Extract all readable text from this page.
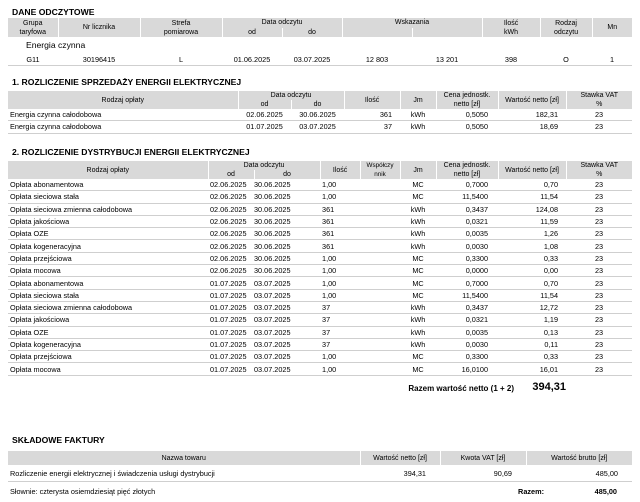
DANE ODCZYTOWE
Grupa taryfowa	Nr licznika	Strefa pomiarowa	Data odczytu		Wskazania		Ilość kWh	Rodzaj odczytu	Mn
			od	do					
Energia czynna
G11	30196415	L	01.06.2025	03.07.2025	12 803	13 201	398	O	1
1. ROZLICZENIE SPRZEDAŻY ENERGII ELEKTRYCZNEJ
Rodzaj opłaty	Data odczytu		Ilość	Jm	Cena jednostk. netto [zł]	Wartość netto [zł]	Stawka VAT %
	od	do					
Energia czynna całodobowa	02.06.2025	30.06.2025	361	kWh	0,5050	182,31	23
Energia czynna całodobowa	01.07.2025	03.07.2025	37	kWh	0,5050	18,69	23
2. ROZLICZENIE DYSTRYBUCJI ENERGII ELEKTRYCZNEJ
Rodzaj opłaty	Data odczytu		Ilość	Współczy nnik	Jm	Cena jednostk. netto [zł]	Wartość netto [zł]	Stawka VAT %
	od	do						
Opłata abonamentowa	02.06.2025	30.06.2025	1,00		MC	0,7000	0,70	23
Opłata sieciowa stała	02.06.2025	30.06.2025	1,00		MC	11,5400	11,54	23
Opłata sieciowa zmienna całodobowa	02.06.2025	30.06.2025	361		kWh	0,3437	124,08	23
Opłata jakościowa	02.06.2025	30.06.2025	361		kWh	0,0321	11,59	23
Opłata OZE	02.06.2025	30.06.2025	361		kWh	0,0035	1,26	23
Opłata kogeneracyjna	02.06.2025	30.06.2025	361		kWh	0,0030	1,08	23
Opłata przejściowa	02.06.2025	30.06.2025	1,00		MC	0,3300	0,33	23
Opłata mocowa	02.06.2025	30.06.2025	1,00		MC	0,0000	0,00	23
Opłata abonamentowa	01.07.2025	03.07.2025	1,00		MC	0,7000	0,70	23
Opłata sieciowa stała	01.07.2025	03.07.2025	1,00		MC	11,5400	11,54	23
Opłata sieciowa zmienna całodobowa	01.07.2025	03.07.2025	37		kWh	0,3437	12,72	23
Opłata jakościowa	01.07.2025	03.07.2025	37		kWh	0,0321	1,19	23
Opłata OZE	01.07.2025	03.07.2025	37		kWh	0,0035	0,13	23
Opłata kogeneracyjna	01.07.2025	03.07.2025	37		kWh	0,0030	0,11	23
Opłata przejściowa	01.07.2025	03.07.2025	1,00		MC	0,3300	0,33	23
Opłata mocowa	01.07.2025	03.07.2025	1,00		MC	16,0100	16,01	23
Razem wartość netto (1 + 2) 394,31
SKŁADOWE FAKTURY
Nazwa towaru	Wartość netto [zł]	Kwota VAT [zł]	Wartość brutto [zł]
Rozliczenie energii elektrycznej i świadczenia usługi dystrybucji	394,31	90,69	485,00
Słownie: czterysta osiemdziesiąt pięć złotych	Razem:	485,00
